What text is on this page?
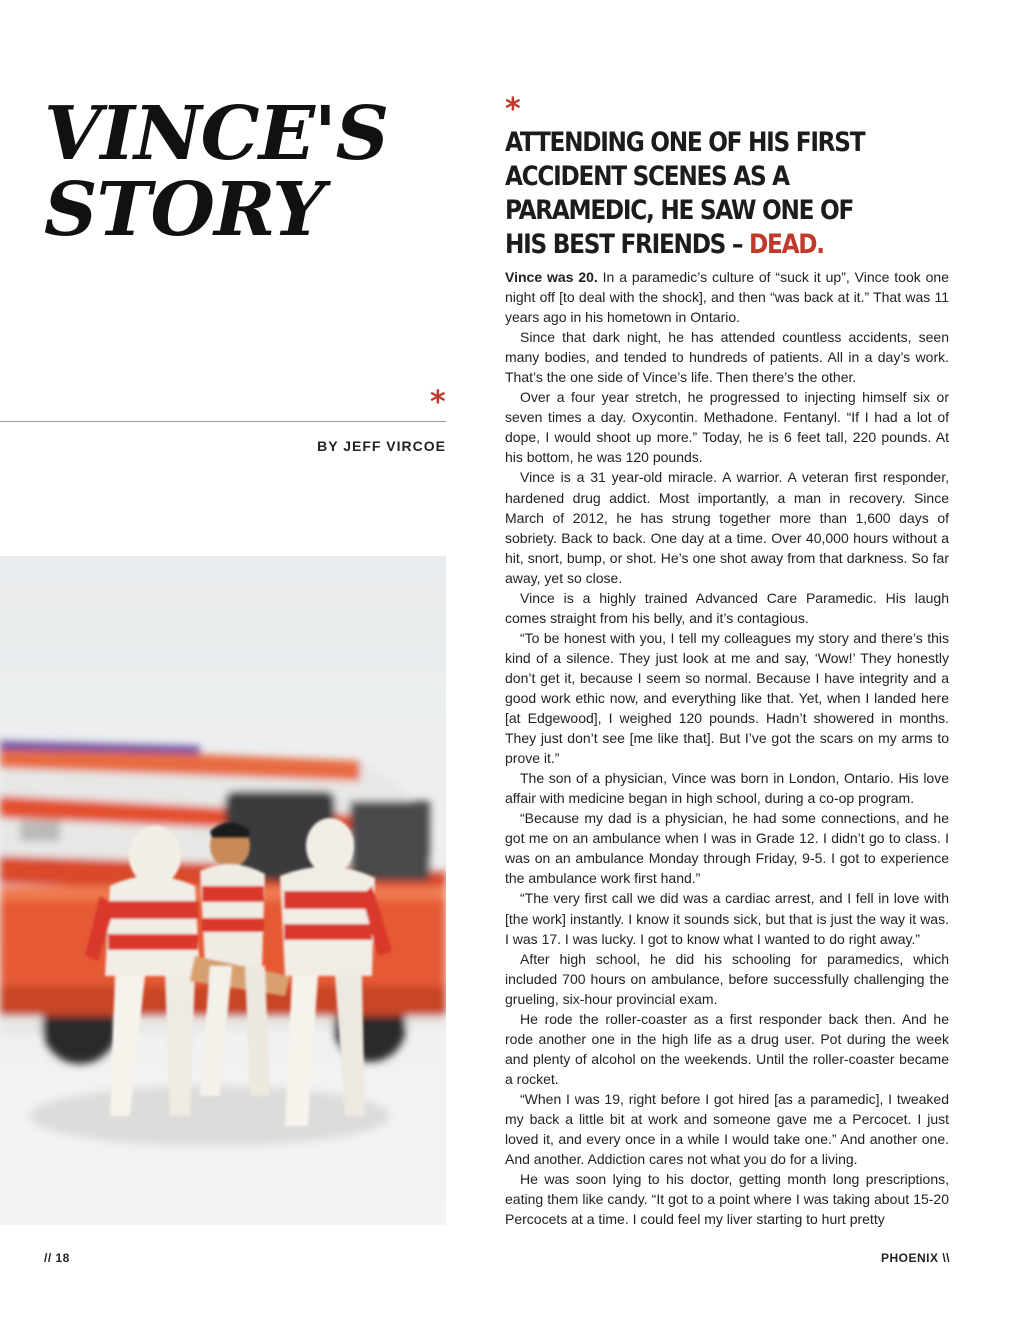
VINCE'S
STORY
*
ATTENDING ONE OF HIS FIRST ACCIDENT SCENES AS A PARAMEDIC, HE SAW ONE OF HIS BEST FRIENDS – DEAD.
*
BY JEFF VIRCOE

Vince was 20. In a paramedic’s culture of “suck it up”, Vince took one night off [to deal with the shock], and then “was back at it.” That was 11 years ago in his hometown in Ontario.

Since that dark night, he has attended countless accidents, seen many bodies, and tended to hundreds of patients. All in a day’s work. That’s the one side of Vince’s life. Then there’s the other.

Over a four year stretch, he progressed to injecting himself six or seven times a day. Oxycontin. Methadone. Fentanyl. “If I had a lot of dope, I would shoot up more.” Today, he is 6 feet tall, 220 pounds. At his bottom, he was 120 pounds.

Vince is a 31 year-old miracle. A warrior. A veteran first responder, hardened drug addict. Most importantly, a man in recovery. Since March of 2012, he has strung together more than 1,600 days of sobriety. Back to back. One day at a time. Over 40,000 hours without a hit, snort, bump, or shot. He’s one shot away from that darkness. So far away, yet so close.

Vince is a highly trained Advanced Care Paramedic. His laugh comes straight from his belly, and it’s contagious.

“To be honest with you, I tell my colleagues my story and there’s this kind of a silence. They just look at me and say, ‘Wow!’ They honestly don’t get it, because I seem so normal. Because I have integrity and a good work ethic now, and everything like that. Yet, when I landed here [at Edgewood], I weighed 120 pounds. Hadn’t showered in months. They just don’t see [me like that]. But I’ve got the scars on my arms to prove it.”

The son of a physician, Vince was born in London, Ontario. His love affair with medicine began in high school, during a co-op program.

“Because my dad is a physician, he had some connections, and he got me on an ambulance when I was in Grade 12. I didn’t go to class. I was on an ambulance Monday through Friday, 9-5. I got to experience the ambulance work first hand.”

“The very first call we did was a cardiac arrest, and I fell in love with [the work] instantly. I know it sounds sick, but that is just the way it was. I was 17. I was lucky. I got to know what I wanted to do right away.”

After high school, he did his schooling for paramedics, which included 700 hours on ambulance, before successfully challenging the grueling, six-hour provincial exam.

He rode the roller-coaster as a first responder back then. And he rode another one in the high life as a drug user. Pot during the week and plenty of alcohol on the weekends. Until the roller-coaster became a rocket.

“When I was 19, right before I got hired [as a paramedic], I tweaked my back a little bit at work and someone gave me a Percocet. I just loved it, and every once in a while I would take one.” And another one. And another. Addiction cares not what you do for a living.

He was soon lying to his doctor, getting month long prescriptions, eating them like candy. “It got to a point where I was taking about 15-20 Percocets at a time. I could feel my liver starting to hurt pretty

// 18	PHOENIX \\
